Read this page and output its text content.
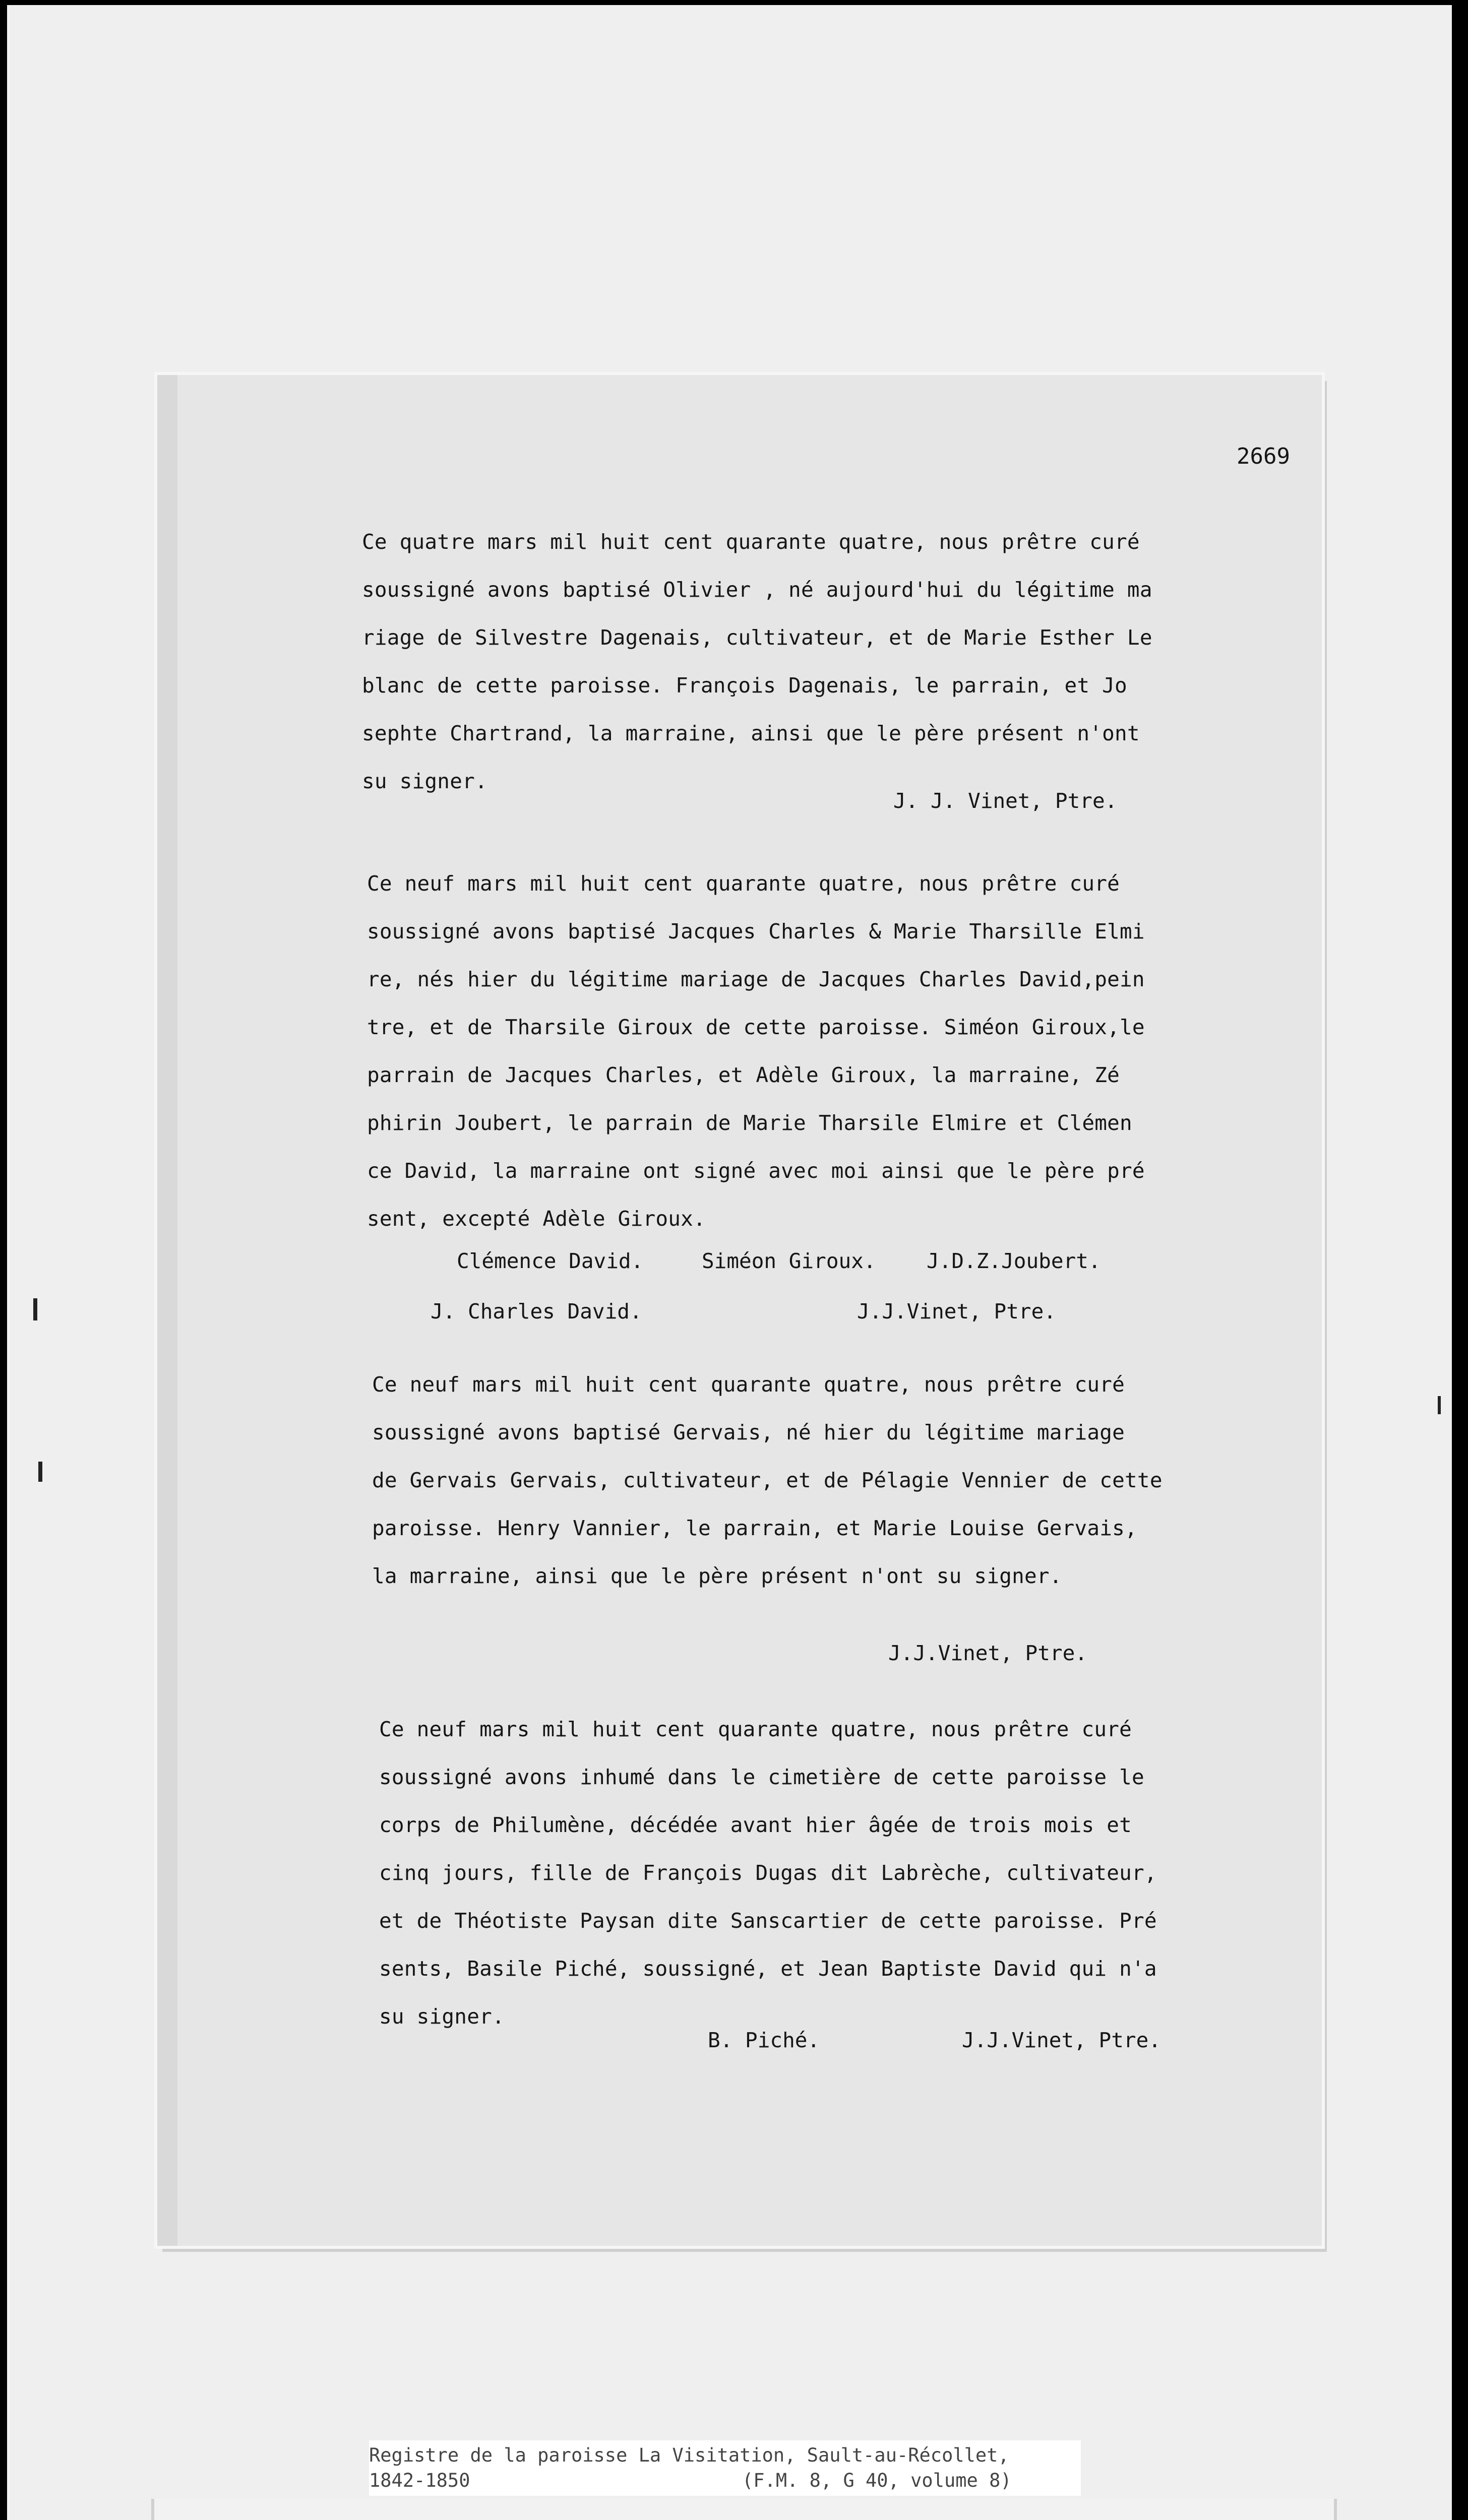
2669

Ce quatre mars mil huit cent quarante quatre, nous prêtre curé

soussigné avons baptisé Olivier , né aujourd'hui du légitime ma

riage de Silvestre Dagenais, cultivateur, et de Marie Esther Le

blanc de cette paroisse. François Dagenais, le parrain, et Jo

sephte Chartrand, la marraine, ainsi que le père présent n'ont

su signer.

J. J. Vinet, Ptre.

Ce neuf mars mil huit cent quarante quatre, nous prêtre curé

soussigné avons baptisé Jacques Charles & Marie Tharsille Elmi

re, nés hier du légitime mariage de Jacques Charles David,pein

tre, et de Tharsile Giroux de cette paroisse. Siméon Giroux,le

parrain de Jacques Charles, et Adèle Giroux, la marraine, Zé

phirin Joubert, le parrain de Marie Tharsile Elmire et Clémen

ce David, la marraine ont signé avec moi ainsi que le père pré

sent, excepté Adèle Giroux.

Clémence David.	Siméon Giroux. J.D.Z.Joubert.
J. Charles David.	J.J.Vinet, Ptre.

Ce neuf mars mil huit cent quarante quatre, nous prêtre curé

soussigné avons baptisé Gervais, né hier du légitime mariage

de Gervais Gervais, cultivateur, et de Pélagie Vennier de cette

paroisse. Henry Vannier, le parrain, et Marie Louise Gervais,

la marraine, ainsi que le père présent n'ont su signer.

J.J.Vinet, Ptre.

Ce neuf mars mil huit cent quarante quatre, nous prêtre curé

soussigné avons inhumé dans le cimetière de cette paroisse le

corps de Philumène, décédée avant hier âgée de trois mois et

cinq jours, fille de François Dugas dit Labrèche, cultivateur,

et de Théotiste Paysan dite Sanscartier de cette paroisse. Pré

sents, Basile Piché, soussigné, et Jean Baptiste David qui n'a

su signer.

B. Piché.	J.J.Vinet, Ptre.
Registre de la paroisse La Visitation, Sault-au-Récollet,
1842-1850	(F.M. 8, G 40, volume 8)
